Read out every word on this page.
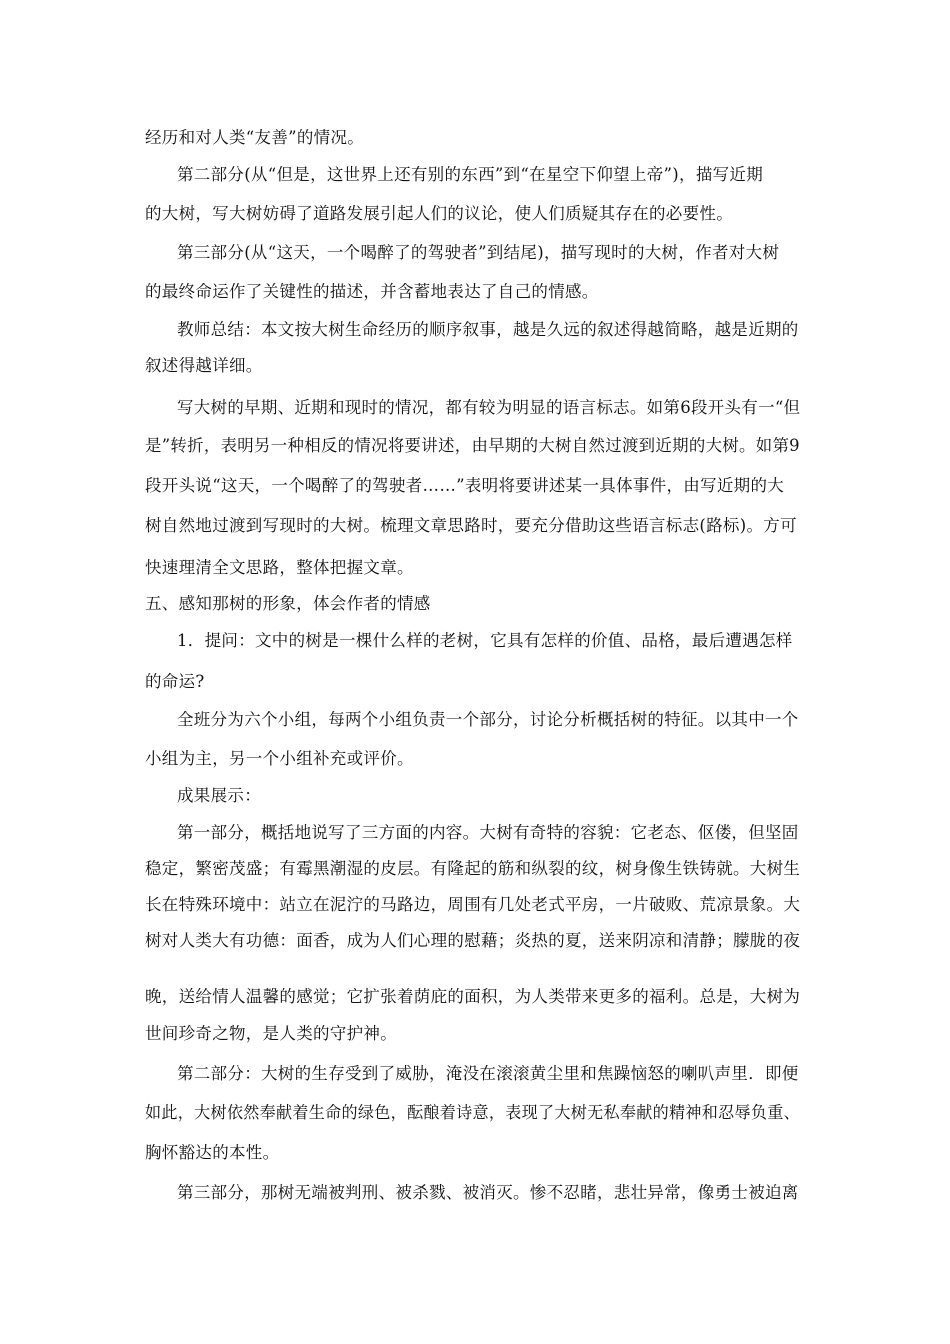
经历和对人类“友善”的情况。

第二部分(从“但是，这世界上还有别的东西”到“在星空下仰望上帝”)，描写近期

的大树，写大树妨碍了道路发展引起人们的议论，使人们质疑其存在的必要性。

第三部分(从“这天，一个喝醉了的驾驶者”到结尾)，描写现时的大树，作者对大树

的最终命运作了关键性的描述，并含蓄地表达了自己的情感。

教师总结：本文按大树生命经历的顺序叙事，越是久远的叙述得越简略，越是近期的

叙述得越详细。

写大树的早期、近期和现时的情况，都有较为明显的语言标志。如第6段开头有一“但

是”转折，表明另一种相反的情况将要讲述，由早期的大树自然过渡到近期的大树。如第9

段开头说“这天，一个喝醉了的驾驶者……”表明将要讲述某一具体事件，由写近期的大

树自然地过渡到写现时的大树。梳理文章思路时，要充分借助这些语言标志(路标)。方可

快速理清全文思路，整体把握文章。

五、感知那树的形象，体会作者的情感

1．提问：文中的树是一棵什么样的老树，它具有怎样的价值、品格，最后遭遇怎样

的命运?

全班分为六个小组，每两个小组负责一个部分，讨论分析概括树的特征。以其中一个

小组为主，另一个小组补充或评价。

成果展示：

第一部分，概括地说写了三方面的内容。大树有奇特的容貌：它老态、伛偻，但坚固

稳定，繁密茂盛；有霉黑潮湿的皮层。有隆起的筋和纵裂的纹，树身像生铁铸就。大树生

长在特殊环境中：站立在泥泞的马路边，周围有几处老式平房，一片破败、荒凉景象。大

树对人类大有功德：面香，成为人们心理的慰藉；炎热的夏，送来阴凉和清静；朦胧的夜

晚，送给情人温馨的感觉；它扩张着荫庇的面积，为人类带来更多的福利。总是，大树为

世间珍奇之物，是人类的守护神。

第二部分：大树的生存受到了威胁，淹没在滚滚黄尘里和焦躁恼怒的喇叭声里．即便

如此，大树依然奉献着生命的绿色，酝酿着诗意，表现了大树无私奉献的精神和忍辱负重、

胸怀豁达的本性。

第三部分，那树无端被判刑、被杀戮、被消灭。惨不忍睹，悲壮异常，像勇士被迫离
